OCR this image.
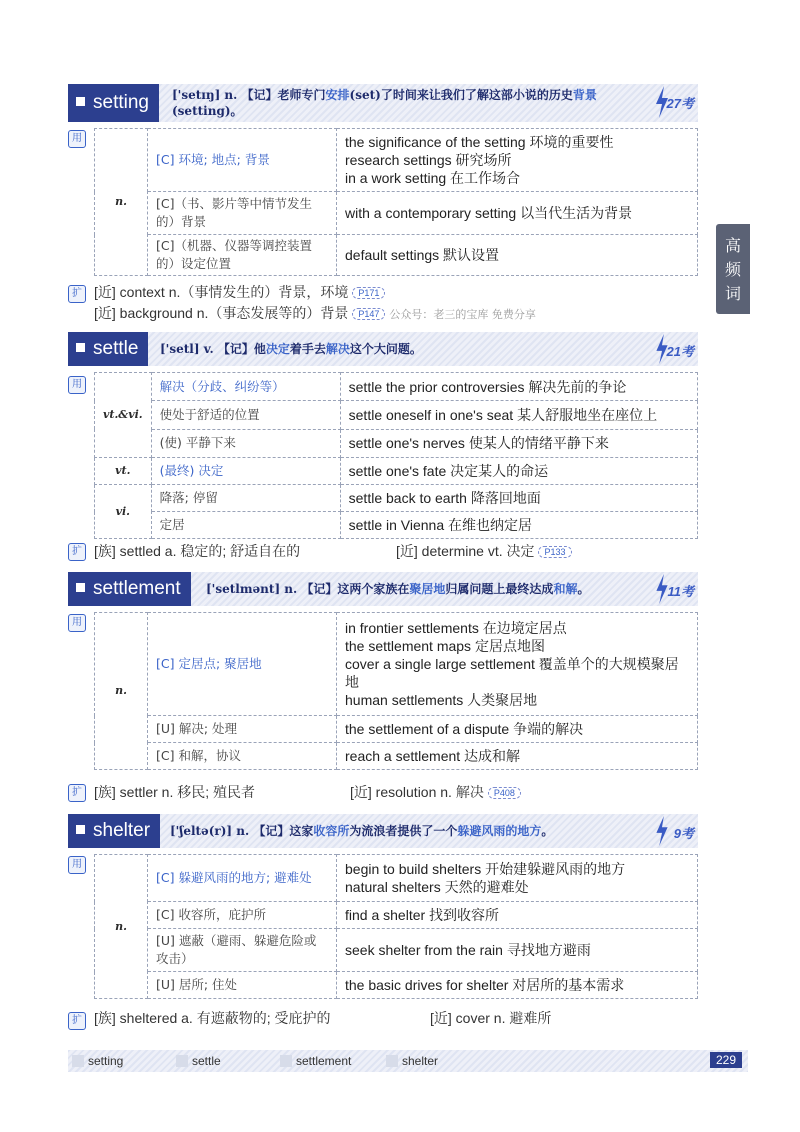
setting	['setɪŋ] n. 【记】老师专门安排(set)了时间来让我们了解这部小说的历史背景(setting)。	27考
用
n.	[C] 环境; 地点; 背景	the significance of the setting 环境的重要性
research settings 研究场所
in a work setting 在工作场合

	[C]（书、影片等中情节发生的）背景	with a contemporary setting 以当代生活为背景
	[C]（机器、仪器等调控装置的）设定位置	default settings 默认设置
扩 [近] context n.（事情发生的）背景，环境 P171
[近] background n.（事态发展等的）背景 P147 公众号：老三的宝库 免费分享
高
频
词
settle	['setl] v. 【记】他决定着手去解决这个大问题。	21考
用
vt.&vi.	解决（分歧、纠纷等）	settle the prior controversies 解决先前的争论
	使处于舒适的位置	settle oneself in one's seat 某人舒服地坐在座位上
	(使) 平静下来	settle one's nerves 使某人的情绪平静下来
vt.	(最终) 决定	settle one's fate 决定某人的命运
vi.	降落; 停留	settle back to earth 降落回地面
	定居	settle in Vienna 在维也纳定居
扩 [族] settled a. 稳定的; 舒适自在的	[近] determine vt. 决定 P133
settlement	['setlmənt] n. 【记】这两个家族在聚居地归属问题上最终达成和解。	11考
用
n.	[C] 定居点; 聚居地	in frontier settlements 在边境定居点
the settlement maps 定居点地图
cover a single large settlement 覆盖单个的大规模聚居地
human settlements 人类聚居地

	[U] 解决; 处理	the settlement of a dispute 争端的解决
	[C] 和解，协议	reach a settlement 达成和解
扩 [族] settler n. 移民; 殖民者	[近] resolution n. 解决 P408
shelter	['ʃeltə(r)] n. 【记】这家收容所为流浪者提供了一个躲避风雨的地方。	9考
用
n.	[C] 躲避风雨的地方; 避难处	begin to build shelters 开始建躲避风雨的地方
natural shelters 天然的避难处

	[C] 收容所，庇护所	find a shelter 找到收容所
	[U] 遮蔽（避雨、躲避危险或攻击）	seek shelter from the rain 寻找地方避雨
	[U] 居所; 住处	the basic drives for shelter 对居所的基本需求
扩 [族] sheltered a. 有遮蔽物的; 受庇护的	[近] cover n. 避难所
setting	settle	settlement	shelter	229
